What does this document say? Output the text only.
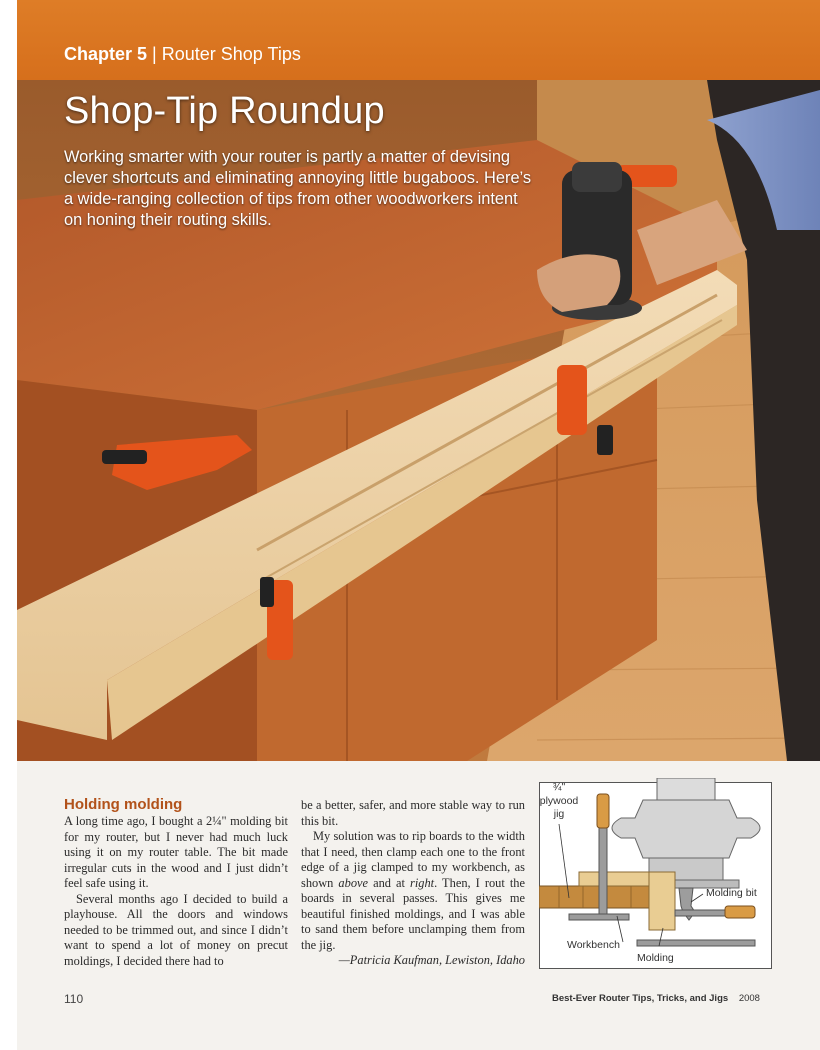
Chapter 5 | Router Shop Tips
Shop-Tip Roundup
Working smarter with your router is partly a matter of devising clever shortcuts and eliminating annoying little bugaboos. Here’s a wide-ranging collection of tips from other woodworkers intent on honing their routing skills.
Holding molding

A long time ago, I bought a 2¼" molding bit for my router, but I never had much luck using it on my router table. The bit made irregular cuts in the wood and I just didn’t feel safe using it.

Several months ago I decided to build a playhouse. All the doors and windows needed to be trimmed out, and since I didn’t want to spend a lot of money on precut moldings, I decided there had to

be a better, safer, and more stable way to run this bit.

My solution was to rip boards to the width that I need, then clamp each one to the front edge of a jig clamped to my workbench, as shown above and at right. Then, I rout the boards in several passes. This gives me beautiful finished moldings, and I was able to sand them before unclamping them from the jig.

—Patricia Kaufman, Lewiston, Idaho

¾"
plywood
jig
Molding bit
Workbench
Molding
110	Best-Ever Router Tips, Tricks, and Jigs 2008
